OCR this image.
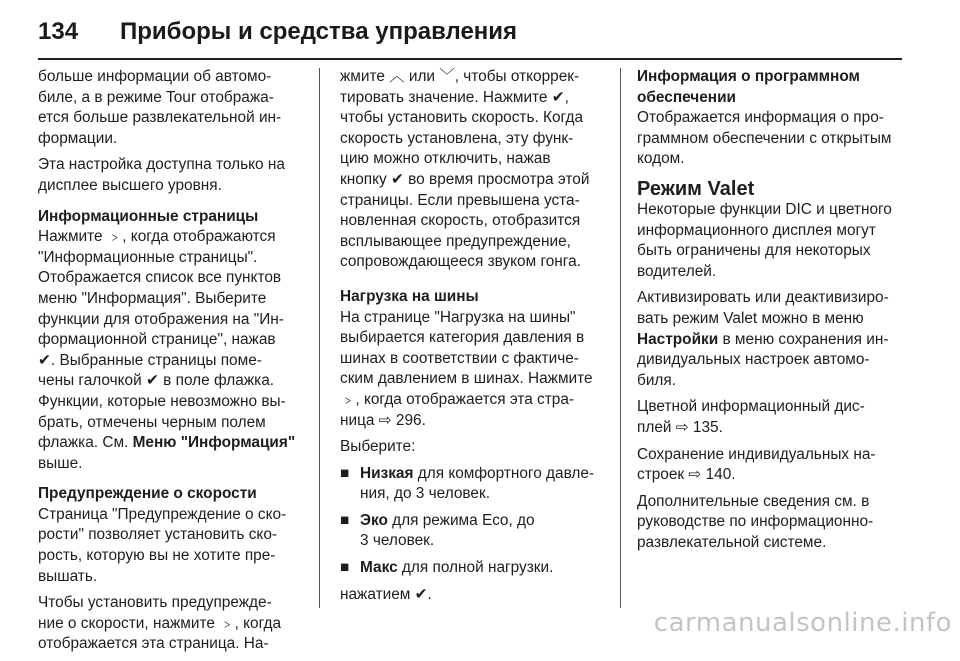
134	Приборы и средства управления

больше информации об автомо-
биле, а в режиме Tour отобража-
ется больше развлекательной ин-
формации.

Эта настройка доступна только на
дисплее высшего уровня.

Информационные страницы

Нажмите ﹥, когда отображаются
"Информационные страницы".
Отображается список все пунктов
меню "Информация". Выберите
функции для отображения на "Ин-
формационной странице", нажав
✔. Выбранные страницы поме-
чены галочкой ✔ в поле флажка.
Функции, которые невозможно вы-
брать, отмечены черным полем
флажка. См. Меню "Информация"
выше.

Предупреждение о скорости

Страница "Предупреждение о ско-
рости" позволяет установить ско-
рость, которую вы не хотите пре-
вышать.

Чтобы установить предупрежде-
ние о скорости, нажмите ﹥, когда
отображается эта страница. На-

жмите ︿ или ﹀, чтобы откоррек-
тировать значение. Нажмите ✔,
чтобы установить скорость. Когда
скорость установлена, эту функ-
цию можно отключить, нажав
кнопку ✔ во время просмотра этой
страницы. Если превышена уста-
новленная скорость, отобразится
всплывающее предупреждение,
сопровождающееся звуком гонга.

Нагрузка на шины

На странице "Нагрузка на шины"
выбирается категория давления в
шинах в соответствии с фактиче-
ским давлением в шинах. Нажмите
﹥, когда отображается эта стра-
ница ⇨ 296.

Выберите:

■ Низкая для комфортного давле-
ния, до 3 человек.
■ Эко для режима Eco, до
3 человек.
■ Макс для полной нагрузки.

нажатием ✔.

Информация о программном
обеспечении

Отображается информация о про-
граммном обеспечении с открытым
кодом.

Режим Valet

Некоторые функции DIC и цветного
информационного дисплея могут
быть ограничены для некоторых
водителей.

Активизировать или деактивизиро-
вать режим Valet можно в меню
Настройки в меню сохранения ин-
дивидуальных настроек автомо-
биля.

Цветной информационный дис-
плей ⇨ 135.

Сохранение индивидуальных на-
строек ⇨ 140.

Дополнительные сведения см. в
руководстве по информационно-
развлекательной системе.

carmanualsonline.info
